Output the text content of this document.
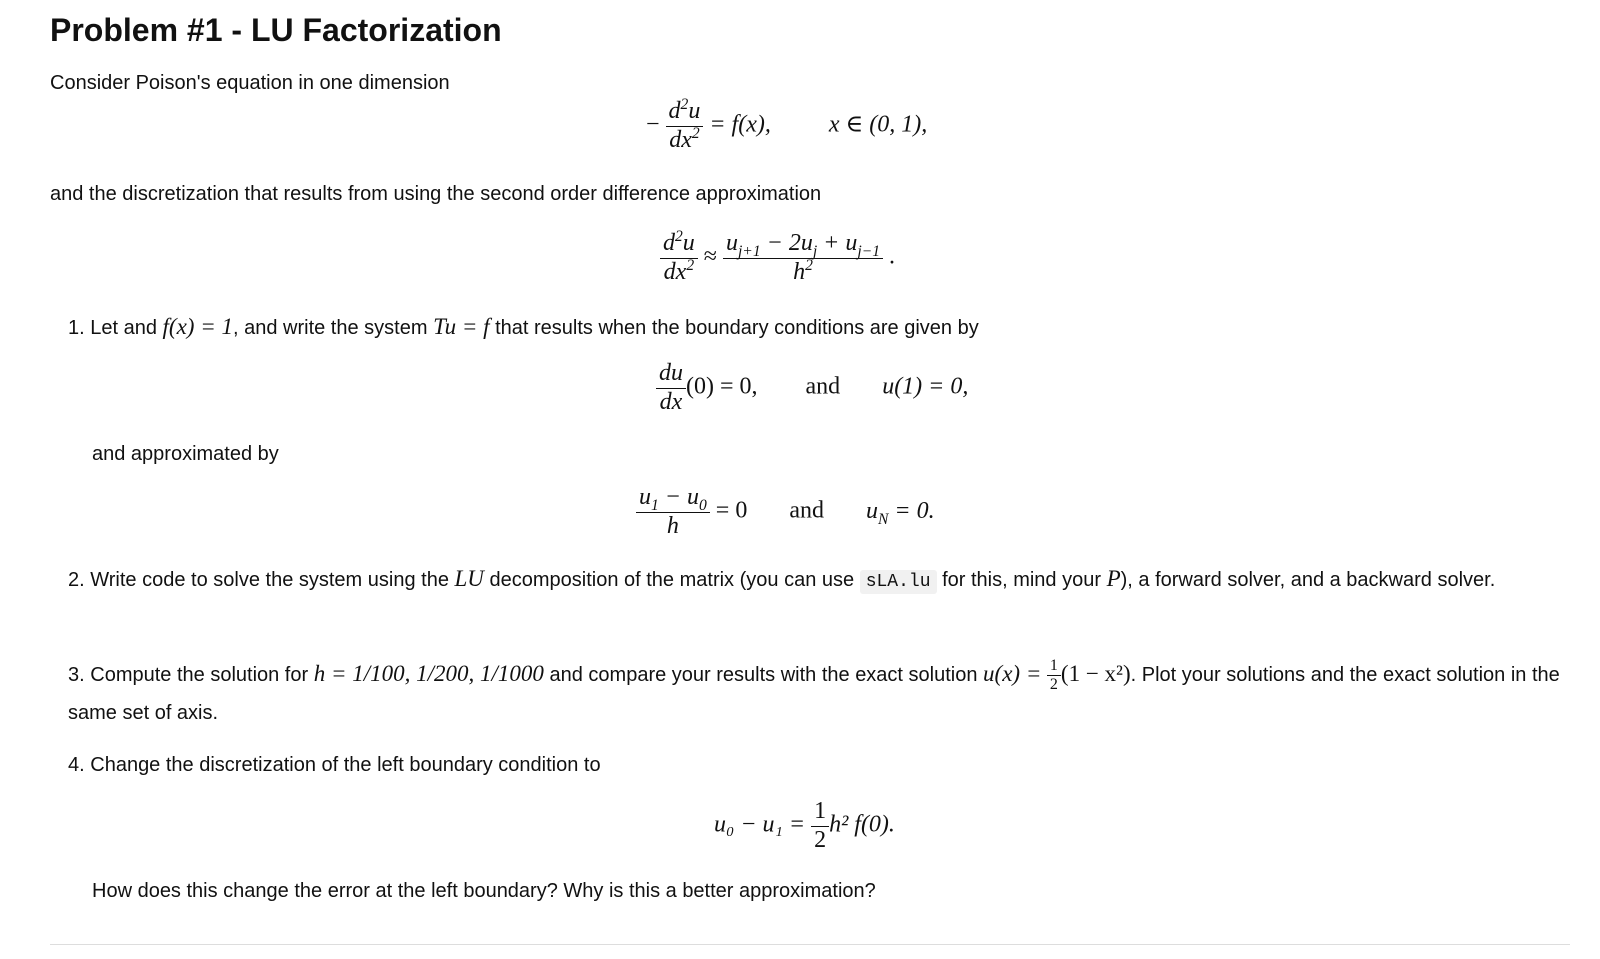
Problem #1 - LU Factorization
Consider Poison's equation in one dimension
− $\frac{d^2u}{dx^2} = f(x)$, x ∈ (0, 1),
and the discretization that results from using the second order difference approximation
$\frac{d^2u}{dx^2} \approx \frac{u_{j+1} - 2u_j + u_{j-1}}{h^2}$ .
1. Let and f(x) = 1, and write the system Tu = f that results when the boundary conditions are given by
$\frac{du}{dx} (0) = 0$, and u(1) = 0,
and approximated by
$\frac{u_1 - u_0}{h} = 0$ and $u_N = 0$.
2. Write code to solve the system using the LU decomposition of the matrix (you can use sLA.lu for this, mind your P), a forward solver, and a backward solver.
3. Compute the solution for h = 1/100, 1/200, 1/1000 and compare your results with the exact solution $u(x) = \frac{1}{2} (1 - x^2)$. Plot your solutions and the exact solution in the same set of axis.
4. Change the discretization of the left boundary condition to
$u_0 - u_1 = \frac{1}{2} h^2$ f(0).
How does this change the error at the left boundary? Why is this a better approximation?
